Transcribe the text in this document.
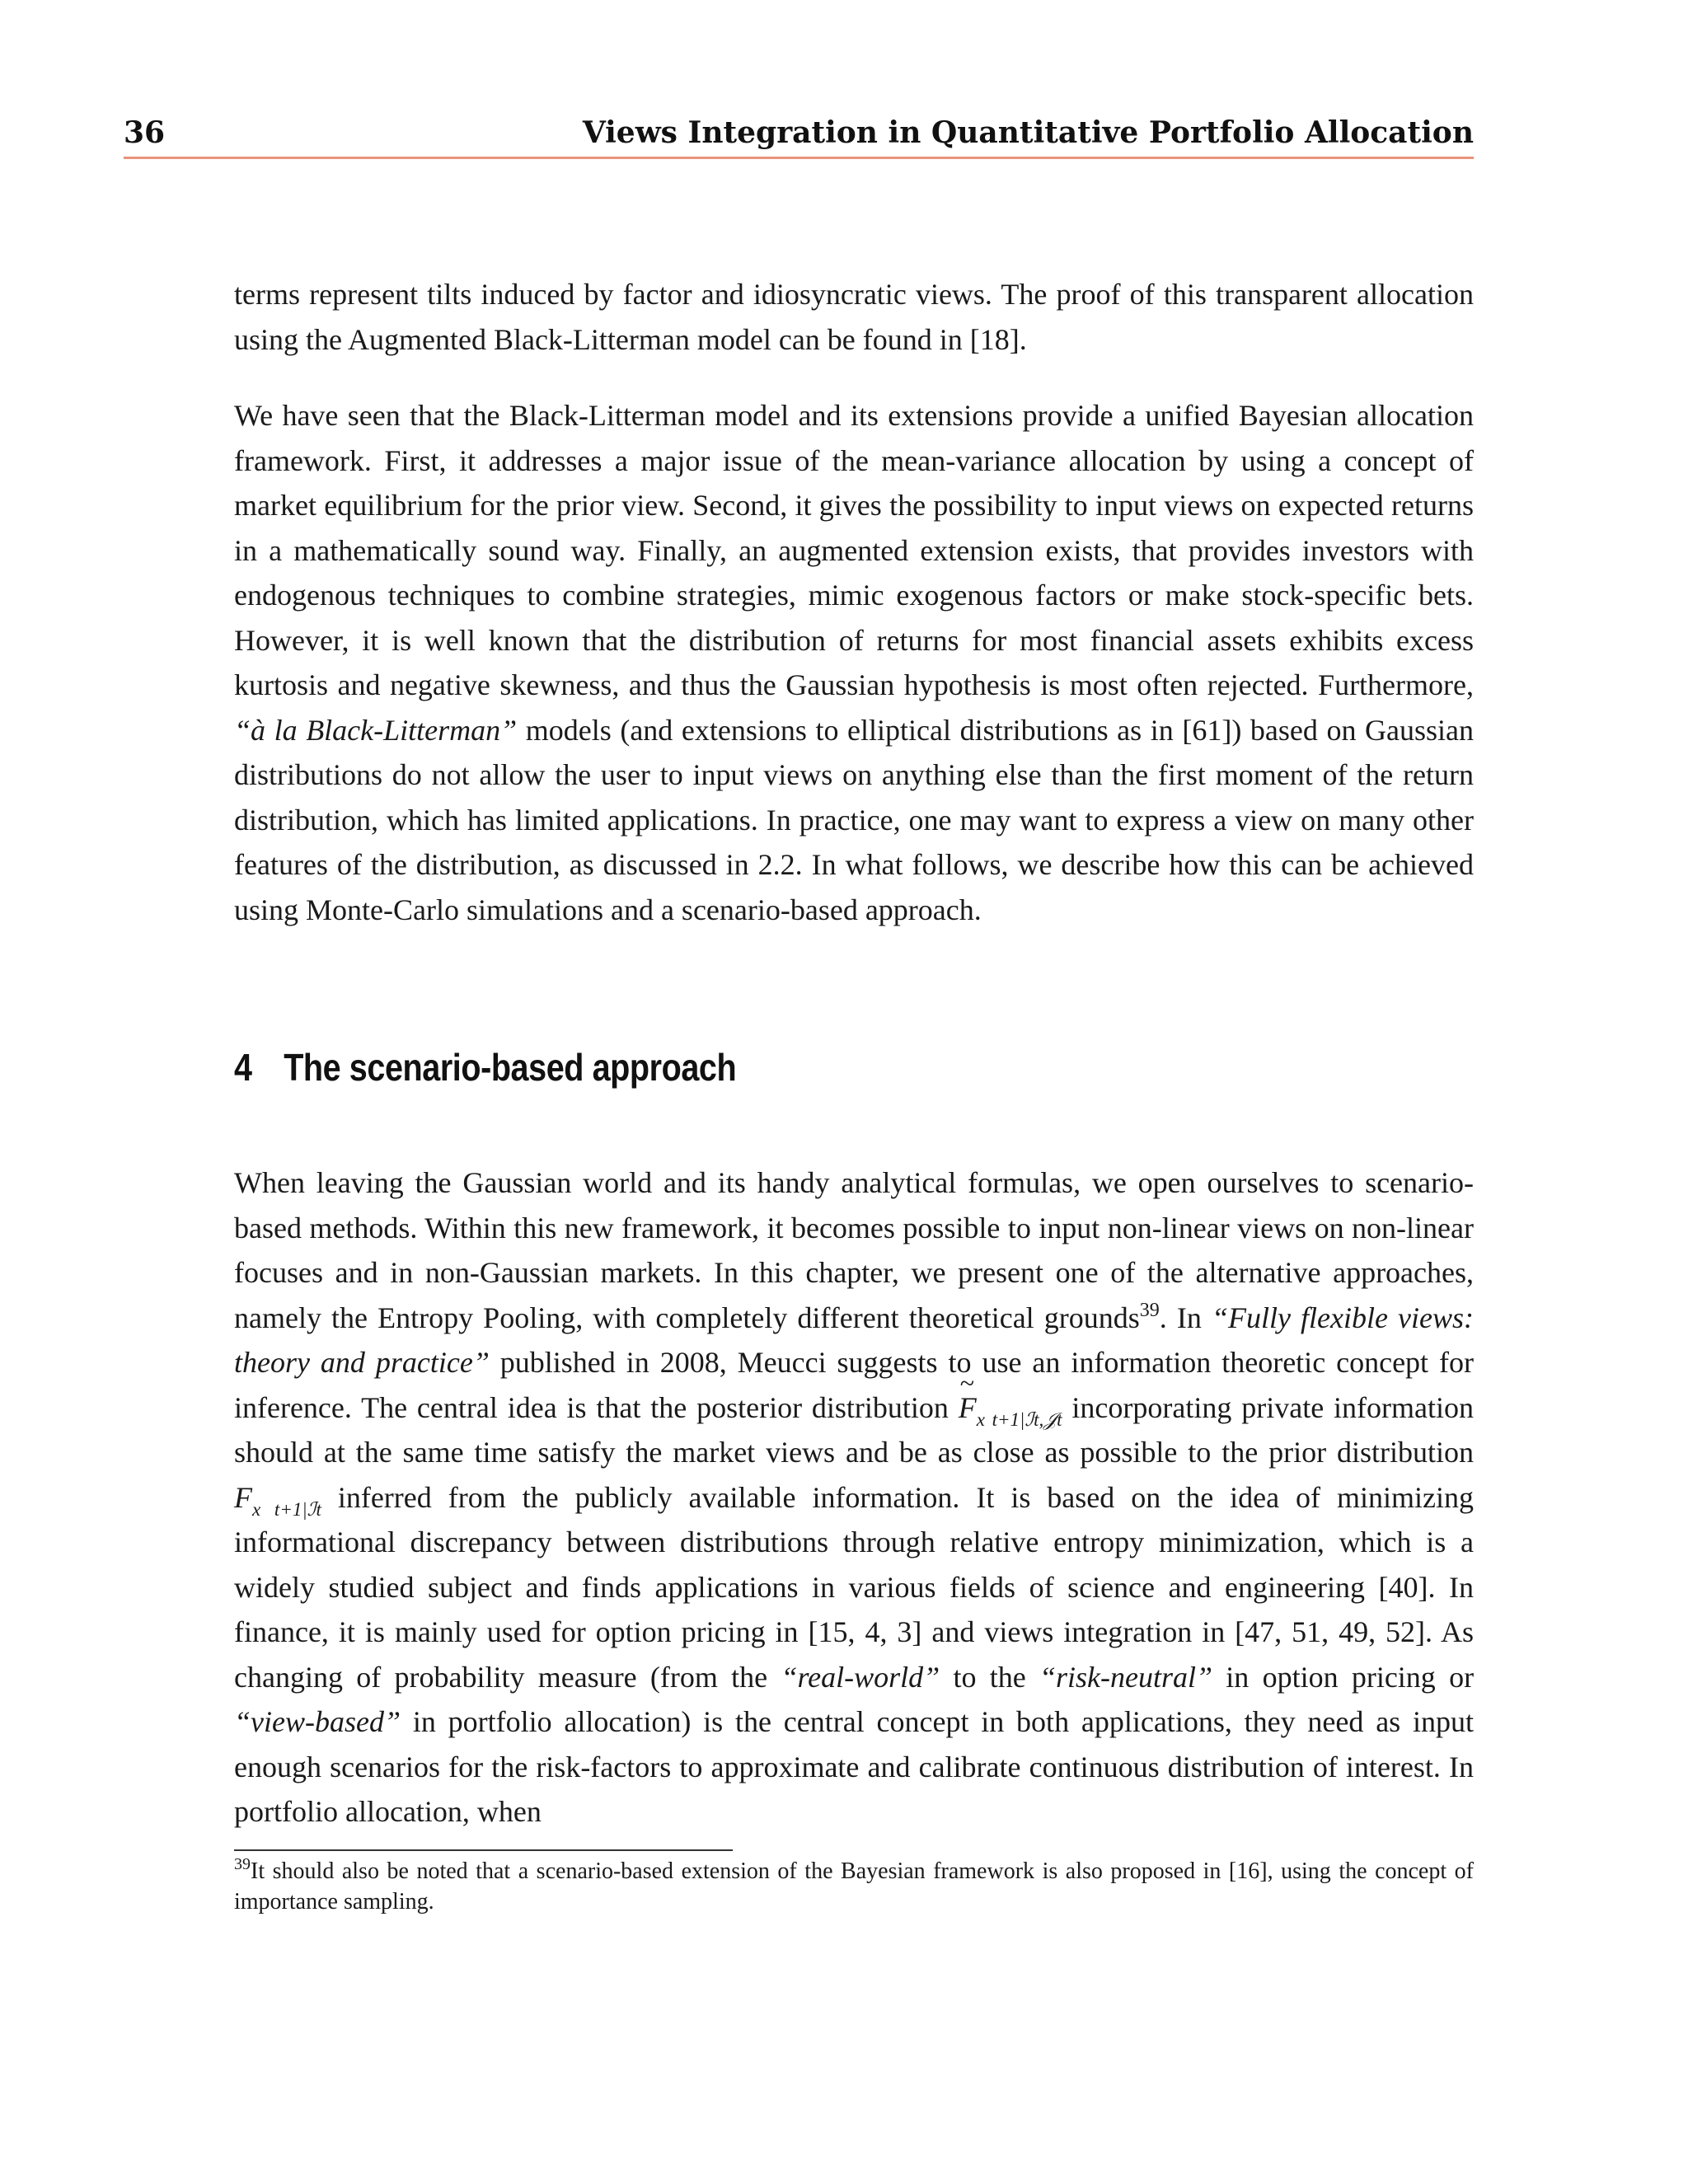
36	Views Integration in Quantitative Portfolio Allocation

terms represent tilts induced by factor and idiosyncratic views. The proof of this transparent allocation using the Augmented Black-Litterman model can be found in [18].

We have seen that the Black-Litterman model and its extensions provide a unified Bayesian allocation framework. First, it addresses a major issue of the mean-variance allocation by using a concept of market equilibrium for the prior view. Second, it gives the possibility to input views on expected returns in a mathematically sound way. Finally, an augmented extension exists, that provides investors with endogenous techniques to combine strategies, mimic exogenous factors or make stock-specific bets. However, it is well known that the distribution of returns for most financial assets exhibits excess kurtosis and negative skewness, and thus the Gaussian hypothesis is most often rejected. Furthermore, “à la Black-Litterman” models (and extensions to elliptical distributions as in [61]) based on Gaussian distributions do not allow the user to input views on anything else than the first moment of the return distribution, which has limited applications. In practice, one may want to express a view on many other features of the distribution, as discussed in 2.2. In what follows, we describe how this can be achieved using Monte-Carlo simulations and a scenario-based approach.

4 The scenario-based approach

When leaving the Gaussian world and its handy analytical formulas, we open ourselves to scenario-based methods. Within this new framework, it becomes possible to input non-linear views on non-linear focuses and in non-Gaussian markets. In this chapter, we present one of the alternative approaches, namely the Entropy Pooling, with completely different theoretical grounds$^{39}$. In “Fully flexible views: theory and practice” published in 2008, Meucci suggests to use an information theoretic concept for inference. The central idea is that the posterior distribution ~ $F_{x t+1|ℐt,𝒥t}$ incorporating private information should at the same time satisfy the market views and be as close as possible to the prior distribution $F_{x t+1|ℐt}$ inferred from the publicly available information. It is based on the idea of minimizing informational discrepancy between distributions through relative entropy minimization, which is a widely studied subject and finds applications in various fields of science and engineering [40]. In finance, it is mainly used for option pricing in [15, 4, 3] and views integration in [47, 51, 49, 52]. As changing of probability measure (from the “real-world” to the “risk-neutral” in option pricing or “view-based” in portfolio allocation) is the central concept in both applications, they need as input enough scenarios for the risk-factors to approximate and calibrate continuous distribution of interest. In portfolio allocation, when

$^{39}$It should also be noted that a scenario-based extension of the Bayesian framework is also proposed in [16], using the concept of importance sampling.
